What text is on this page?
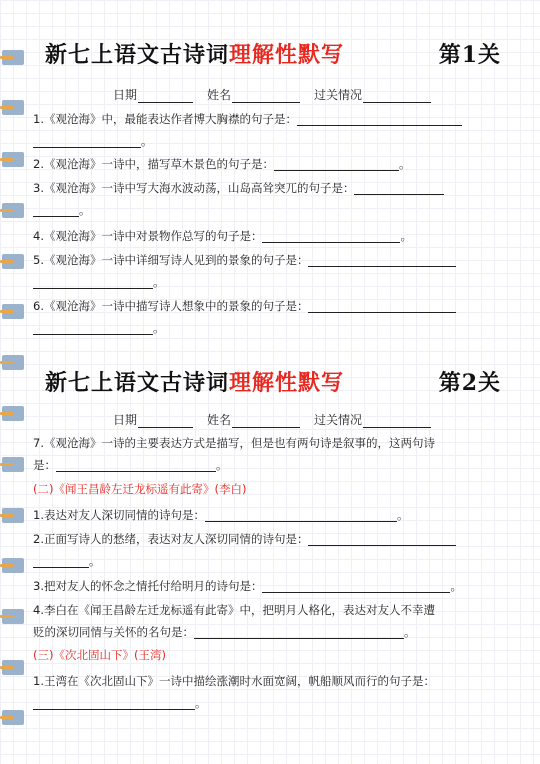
新七上语文古诗词理解性默写	第1关
日期	姓名	过关情况
1.《观沧海》中，最能表达作者博大胸襟的句子是：
。
2.《观沧海》一诗中，描写草木景色的句子是：	。
3.《观沧海》一诗中写大海水波动荡，山岛高耸突兀的句子是：
。
4.《观沧海》一诗中对景物作总写的句子是：	。
5.《观沧海》一诗中详细写诗人见到的景象的句子是：
。
6.《观沧海》一诗中描写诗人想象中的景象的句子是：
。
新七上语文古诗词理解性默写	第2关
日期	姓名	过关情况
7.《观沧海》一诗的主要表达方式是描写，但是也有两句诗是叙事的，这两句诗
是：	。
(二)《闻王昌龄左迁龙标遥有此寄》(李白)
1.表达对友人深切同情的诗句是：	。
2.正面写诗人的愁绪，表达对友人深切同情的诗句是：
。
3.把对友人的怀念之情托付给明月的诗句是：	。
4.李白在《闻王昌龄左迁龙标遥有此寄》中，把明月人格化，表达对友人不幸遭
贬的深切同情与关怀的名句是：	。
(三)《次北固山下》(王湾)
1.王湾在《次北固山下》一诗中描绘涨潮时水面宽阔，帆船顺风而行的句子是：
。
